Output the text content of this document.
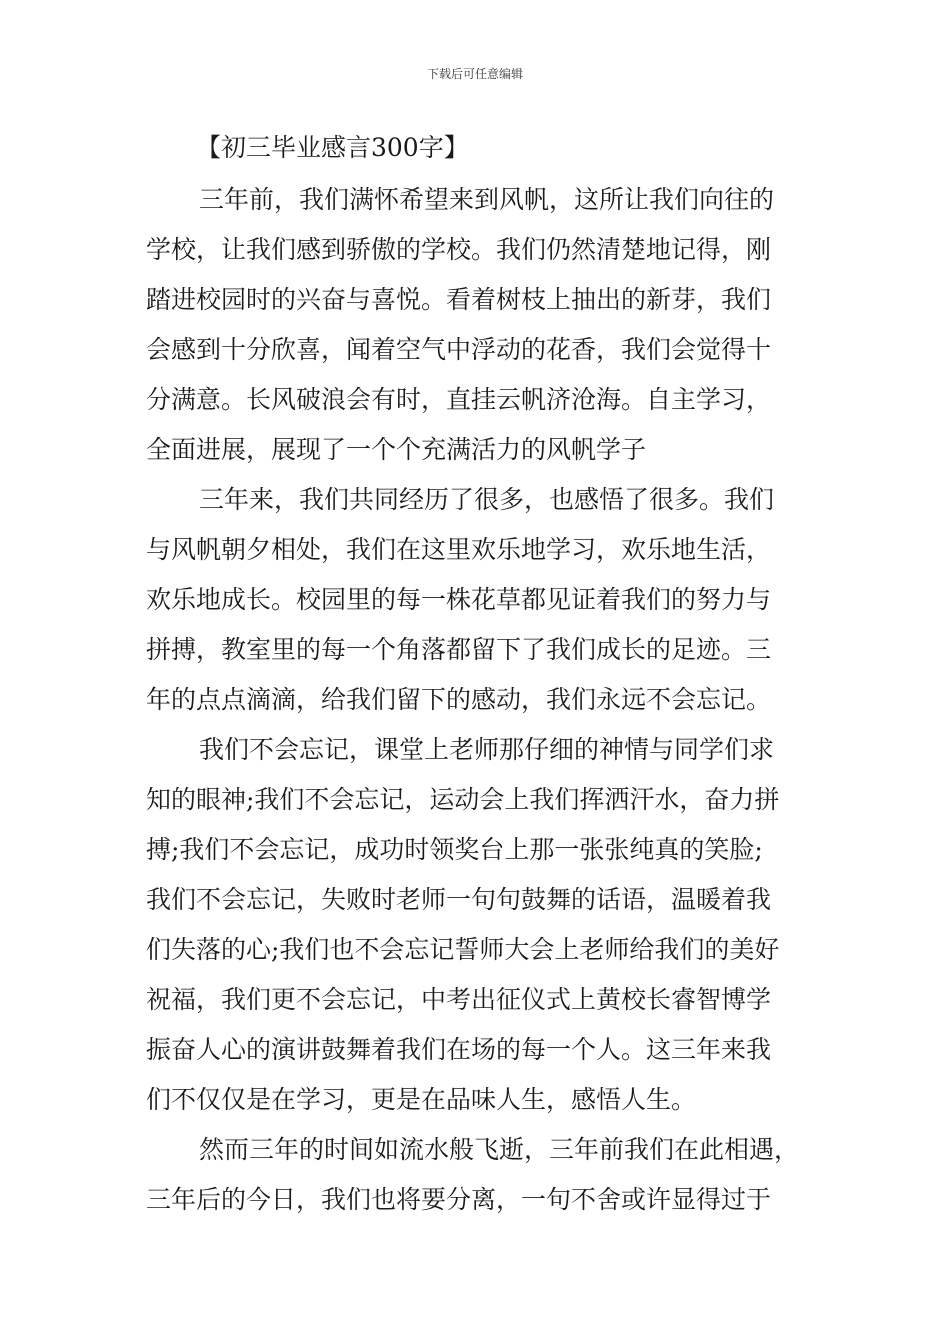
下载后可任意编辑
【初三毕业感言300字】
三年前，我们满怀希望来到风帆，这所让我们向往的
学校，让我们感到骄傲的学校。我们仍然清楚地记得，刚
踏进校园时的兴奋与喜悦。看着树枝上抽出的新芽，我们
会感到十分欣喜，闻着空气中浮动的花香，我们会觉得十
分满意。长风破浪会有时，直挂云帆济沧海。自主学习，
全面进展，展现了一个个充满活力的风帆学子
三年来，我们共同经历了很多，也感悟了很多。我们
与风帆朝夕相处，我们在这里欢乐地学习，欢乐地生活，
欢乐地成长。校园里的每一株花草都见证着我们的努力与
拼搏，教室里的每一个角落都留下了我们成长的足迹。三
年的点点滴滴，给我们留下的感动，我们永远不会忘记。
我们不会忘记，课堂上老师那仔细的神情与同学们求
知的眼神;我们不会忘记，运动会上我们挥洒汗水，奋力拼
搏;我们不会忘记，成功时领奖台上那一张张纯真的笑脸;
我们不会忘记，失败时老师一句句鼓舞的话语，温暖着我
们失落的心;我们也不会忘记誓师大会上老师给我们的美好
祝福，我们更不会忘记，中考出征仪式上黄校长睿智博学
振奋人心的演讲鼓舞着我们在场的每一个人。这三年来我
们不仅仅是在学习，更是在品味人生，感悟人生。
然而三年的时间如流水般飞逝，三年前我们在此相遇，
三年后的今日，我们也将要分离，一句不舍或许显得过于
